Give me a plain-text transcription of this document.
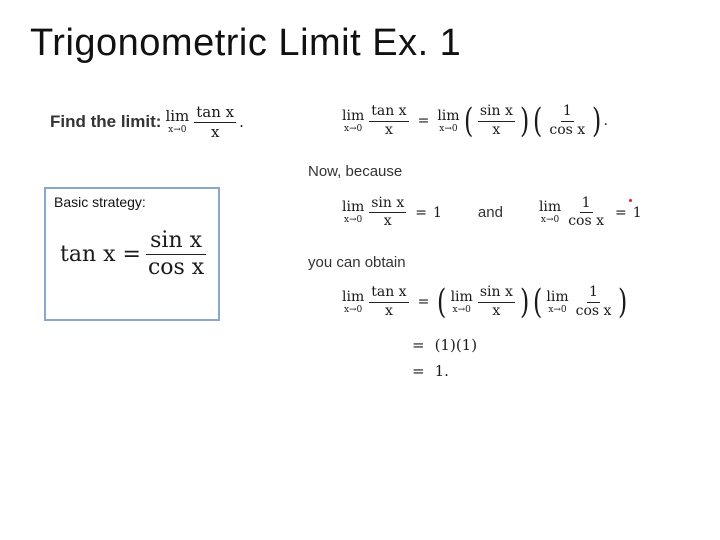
Trigonometric Limit Ex. 1
Find the limit: lim
$x\to 0 \frac{\text{tan x}}{x}$ .
Basic strategy:
$\tan x = \frac{\text{sin x}}{\text{cos x}}$
lim
$x\to 0 \frac{\text{tan x}}{x} = \lim$
x→0 ( $\frac{\text{sin x}}{x}$ ) ( $\frac{1}{\text{cos x}}$ ) .
Now, because
lim
$x\to 0 \frac{\text{sin x}}{x} = 1$ and	lim
$x\to 0 \frac{1}{\text{cos x}} = 1$
you can obtain
lim
$x\to 0 \frac{\text{tan x}}{x}$ = ( lim
$x\to 0 \frac{\text{sin x}}{x}$ ) ( lim
$x\to 0 \frac{1}{\text{cos x}}$ )
= (1)(1)
= 1.
